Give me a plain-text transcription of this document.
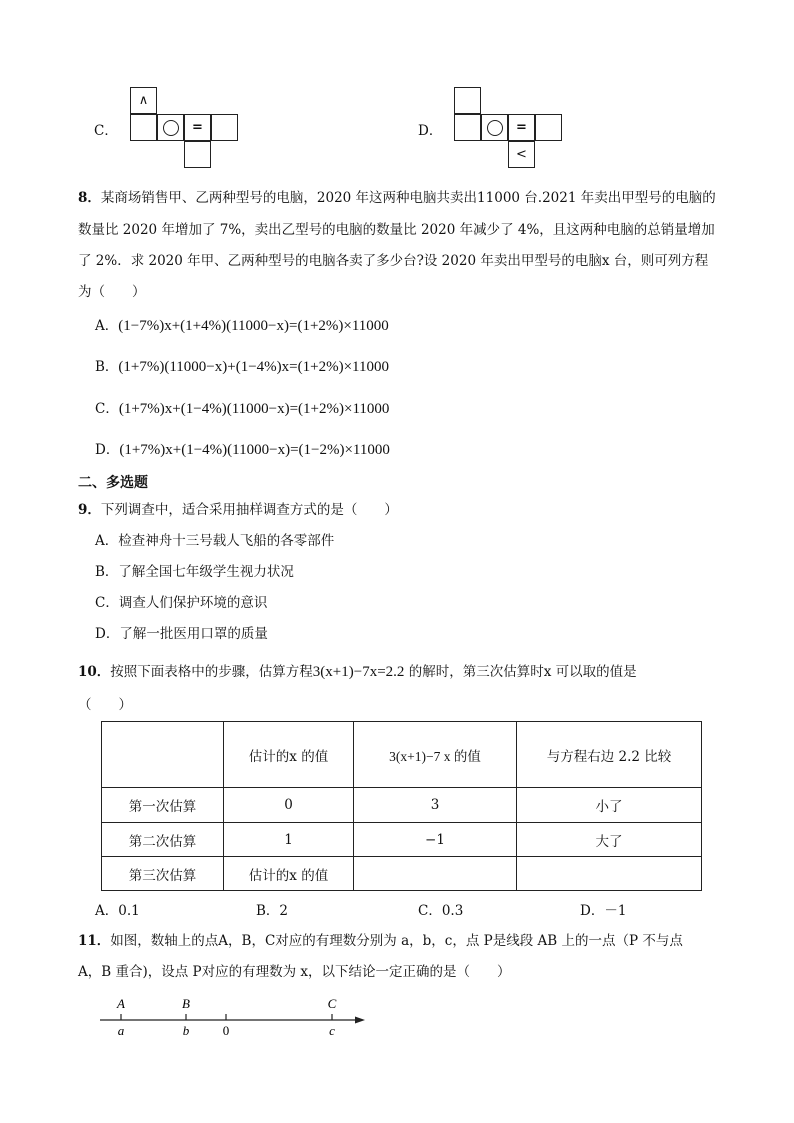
C．
∧
=	D．	=
<
8．某商场销售甲、乙两种型号的电脑，2020 年这两种电脑共卖出11000 台.2021 年卖出甲型号的电脑的
数量比 2020 年增加了 7%，卖出乙型号的电脑的数量比 2020 年减少了 4%，且这两种电脑的总销量增加
了 2%．求 2020 年甲、乙两种型号的电脑各卖了多少台?设 2020 年卖出甲型号的电脑x 台，则可列方程
为（　　）
A．(1−7%)x+(1+4%)(11000−x)=(1+2%)×11000
B．(1+7%)(11000−x)+(1−4%)x=(1+2%)×11000
C．(1+7%)x+(1−4%)(11000−x)=(1+2%)×11000
D．(1+7%)x+(1−4%)(11000−x)=(1−2%)×11000
二、多选题
9．下列调查中，适合采用抽样调查方式的是（　　）
A．检查神舟十三号载人飞船的各零部件
B．了解全国七年级学生视力状况
C．调查人们保护环境的意识
D．了解一批医用口罩的质量
10．按照下面表格中的步骤，估算方程3(x+1)−7x=2.2 的解时，第三次估算时x 可以取的值是
（　　）
	估计的x 的值	3(x+1)−7 x 的值	与方程右边 2.2 比较
第一次估算	0	3	小了
第二次估算	1	−1	大了
第三次估算	估计的x 的值		
A．0.1	B．2	C．0.3	D．－1
11．如图，数轴上的点A，B，C对应的有理数分别为 a，b，c，点 P是线段 AB 上的一点（P 不与点
A，B 重合)，设点 P对应的有理数为 x，以下结论一定正确的是（　　）
A	B	C
a	b	0	c
